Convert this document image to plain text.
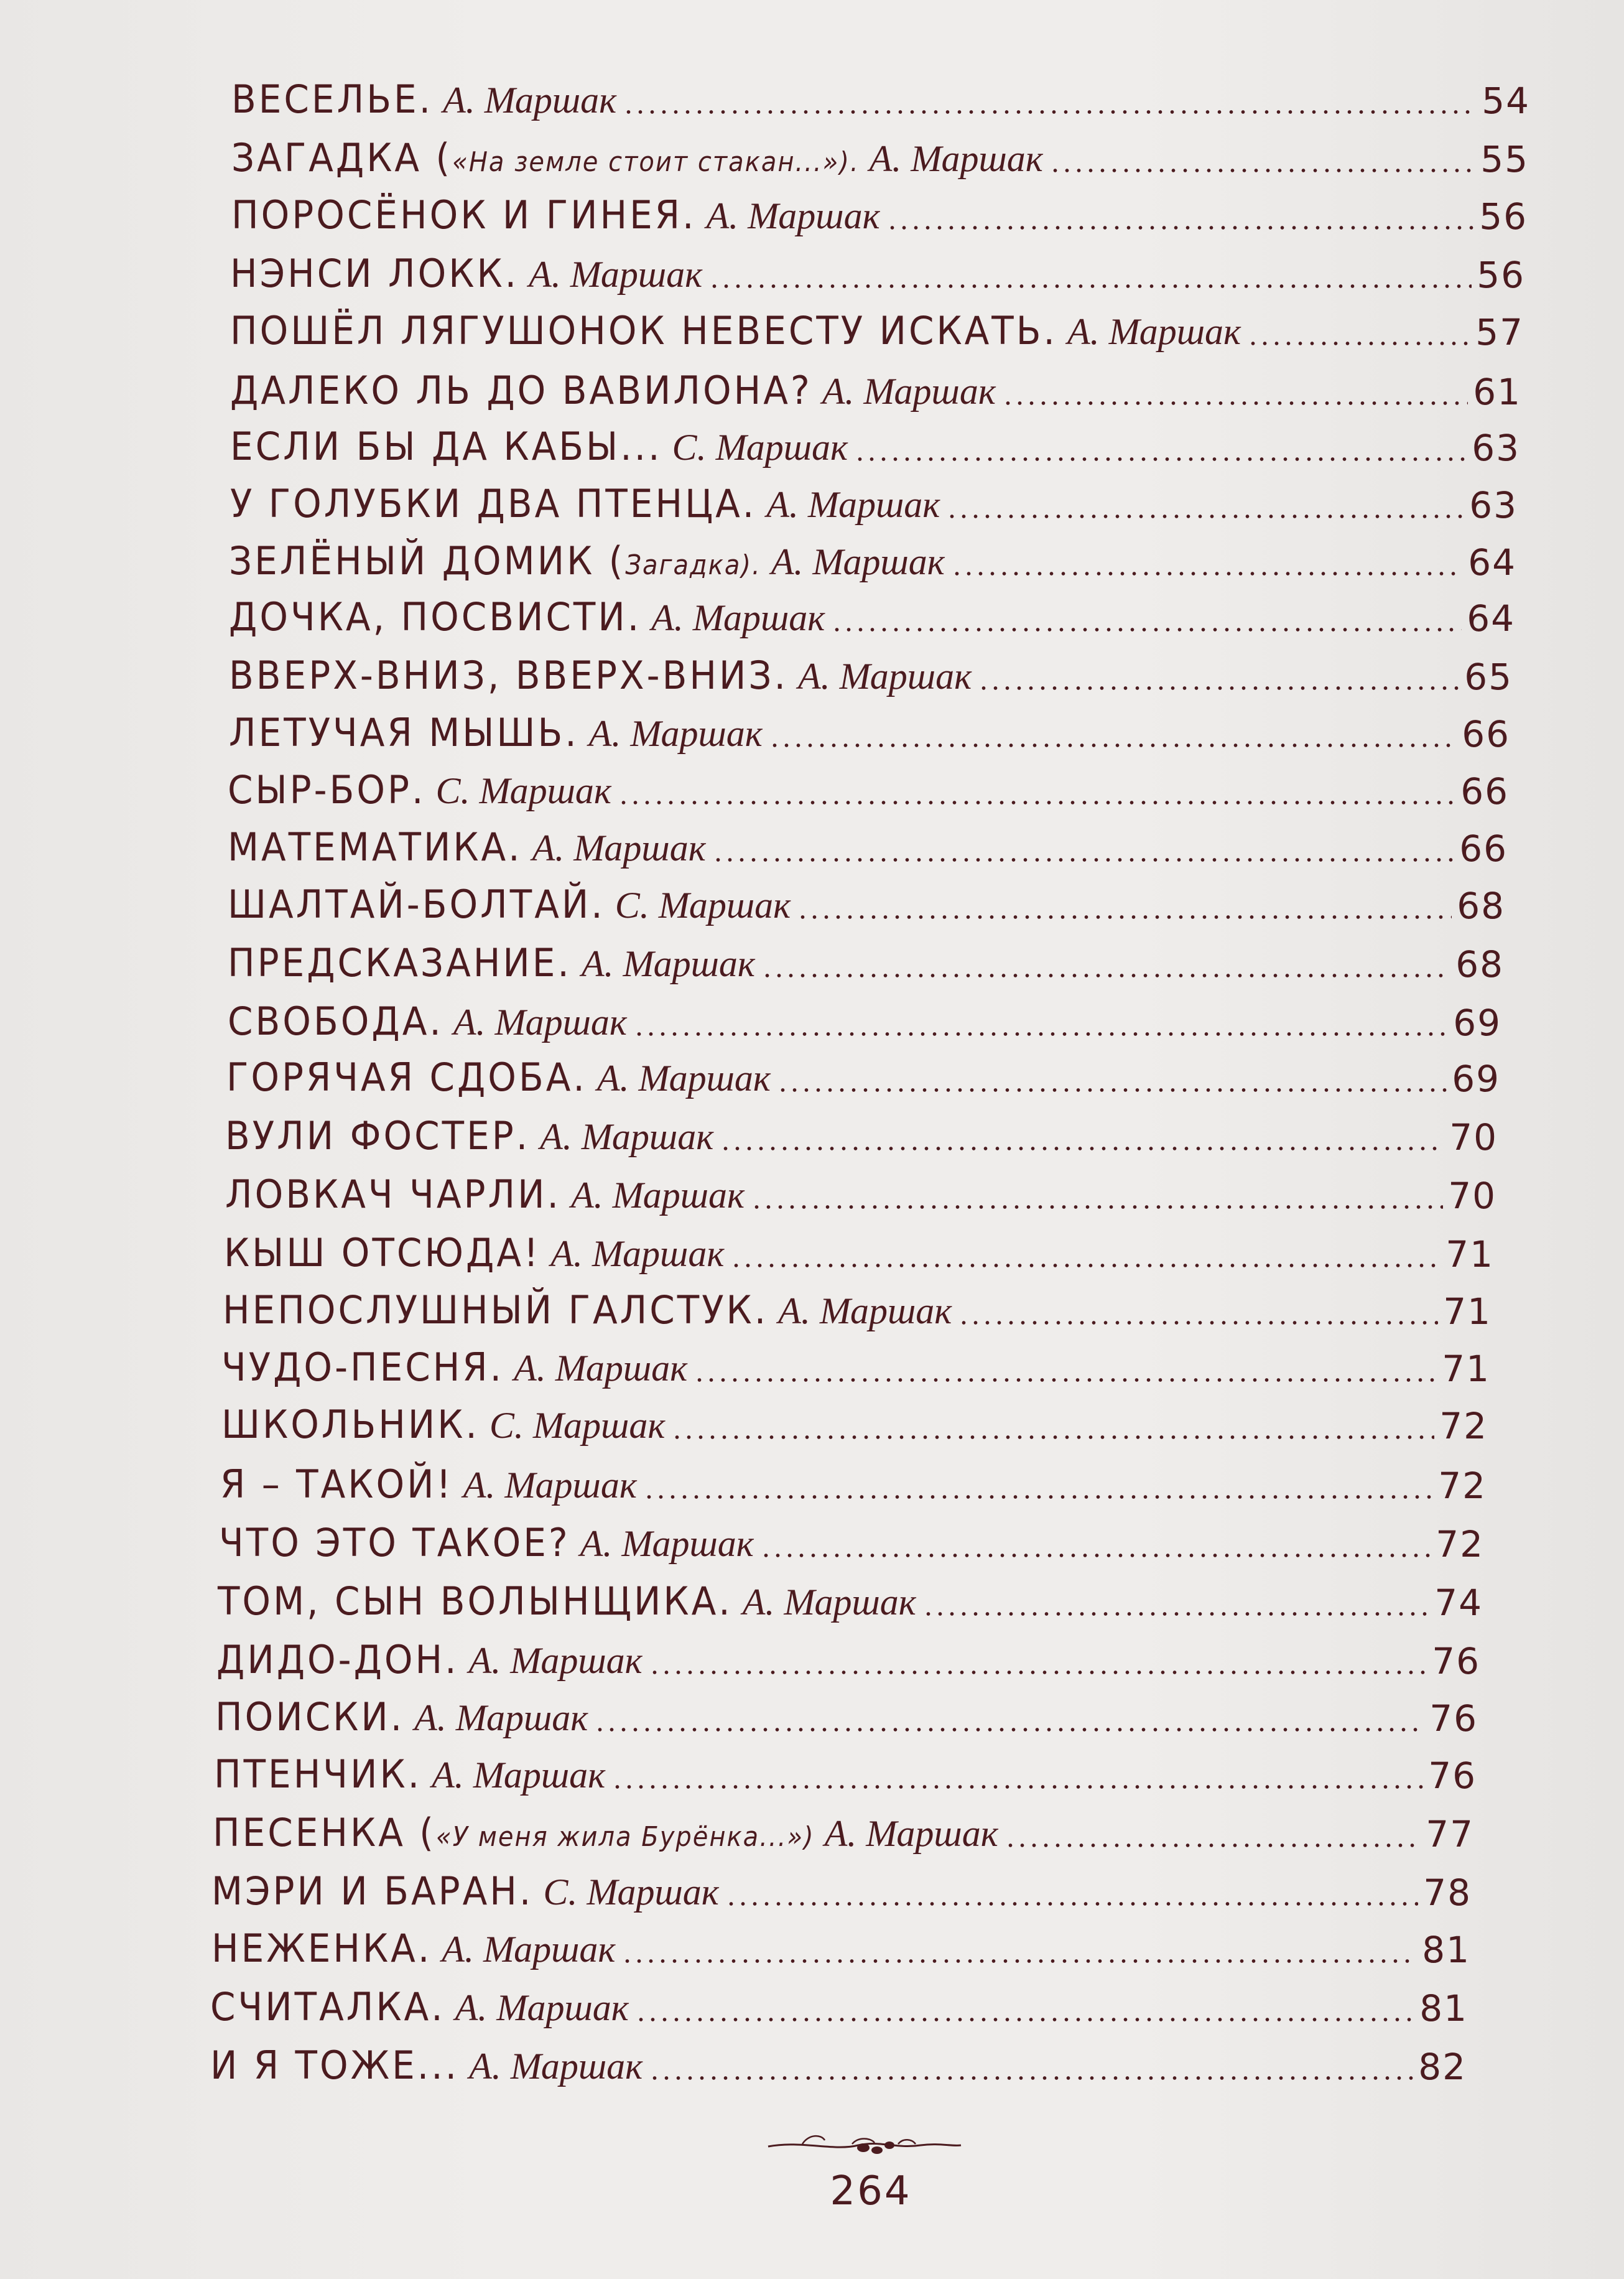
ВЕСЕЛЬЕ. А. Маршак	54
ЗАГАДКА («На земле стоит стакан...»). А. Маршак	55
ПОРОСЁНОК И ГИНЕЯ. А. Маршак	56
НЭНСИ ЛОКК. А. Маршак	56
ПОШЁЛ ЛЯГУШОНОК НЕВЕСТУ ИСКАТЬ. А. Маршак	57
ДАЛЕКО ЛЬ ДО ВАВИЛОНА? А. Маршак	61
ЕСЛИ БЫ ДА КАБЫ... С. Маршак	63
У ГОЛУБКИ ДВА ПТЕНЦА. А. Маршак	63
ЗЕЛЁНЫЙ ДОМИК (Загадка). А. Маршак	64
ДОЧКА, ПОСВИСТИ. А. Маршак	64
ВВЕРХ-ВНИЗ, ВВЕРХ-ВНИЗ. А. Маршак	65
ЛЕТУЧАЯ МЫШЬ. А. Маршак	66
СЫР-БОР. С. Маршак	66
МАТЕМАТИКА. А. Маршак	66
ШАЛТАЙ-БОЛТАЙ. С. Маршак	68
ПРЕДСКАЗАНИЕ. А. Маршак	68
СВОБОДА. А. Маршак	69
ГОРЯЧАЯ СДОБА. А. Маршак	69
ВУЛИ ФОСТЕР. А. Маршак	70
ЛОВКАЧ ЧАРЛИ. А. Маршак	70
КЫШ ОТСЮДА! А. Маршак	71
НЕПОСЛУШНЫЙ ГАЛСТУК. А. Маршак	71
ЧУДО-ПЕСНЯ. А. Маршак	71
ШКОЛЬНИК. С. Маршак	72
Я – ТАКОЙ! А. Маршак	72
ЧТО ЭТО ТАКОЕ? А. Маршак	72
ТОМ, СЫН ВОЛЫНЩИКА. А. Маршак	74
ДИДО-ДОН. А. Маршак	76
ПОИСКИ. А. Маршак	76
ПТЕНЧИК. А. Маршак	76
ПЕСЕНКА («У меня жила Бурёнка...») А. Маршак	77
МЭРИ И БАРАН. С. Маршак	78
НЕЖЕНКА. А. Маршак	81
СЧИТАЛКА. А. Маршак	81
И Я ТОЖЕ... А. Маршак	82
264
